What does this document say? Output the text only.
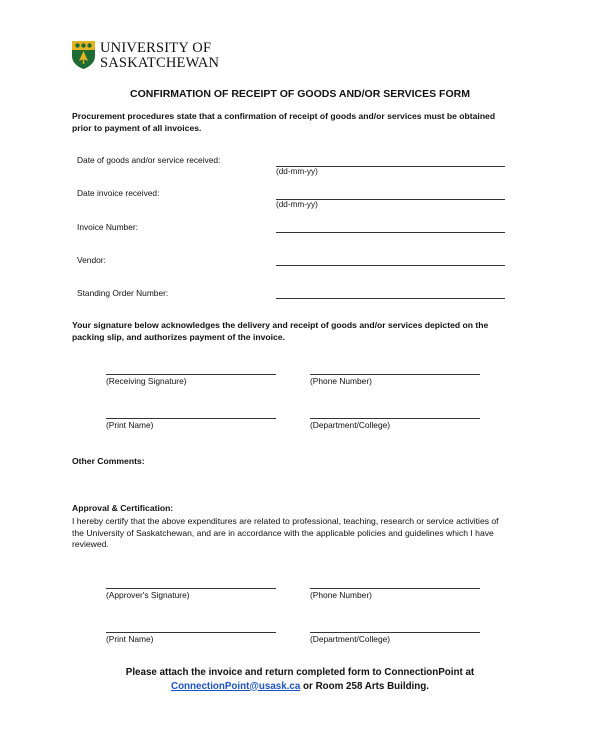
UNIVERSITY OF
SASKATCHEWAN
CONFIRMATION OF RECEIPT OF GOODS AND/OR SERVICES FORM
Procurement procedures state that a confirmation of receipt of goods and/or services must be obtained prior to payment of all invoices.
Date of goods and/or service received:
(dd-mm-yy)
Date invoice received:
(dd-mm-yy)
Invoice Number:
Vendor:
Standing Order Number:
Your signature below acknowledges the delivery and receipt of goods and/or services depicted on the packing slip, and authorizes payment of the invoice.
(Receiving Signature)	(Phone Number)
(Print Name)	(Department/College)
Other Comments:
Approval & Certification:
I hereby certify that the above expenditures are related to professional, teaching, research or service activities of the University of Saskatchewan, and are in accordance with the applicable policies and guidelines which I have reviewed.
(Approver's Signature)	(Phone Number)
(Print Name)	(Department/College)
Please attach the invoice and return completed form to ConnectionPoint at
ConnectionPoint@usask.ca or Room 258 Arts Building.
